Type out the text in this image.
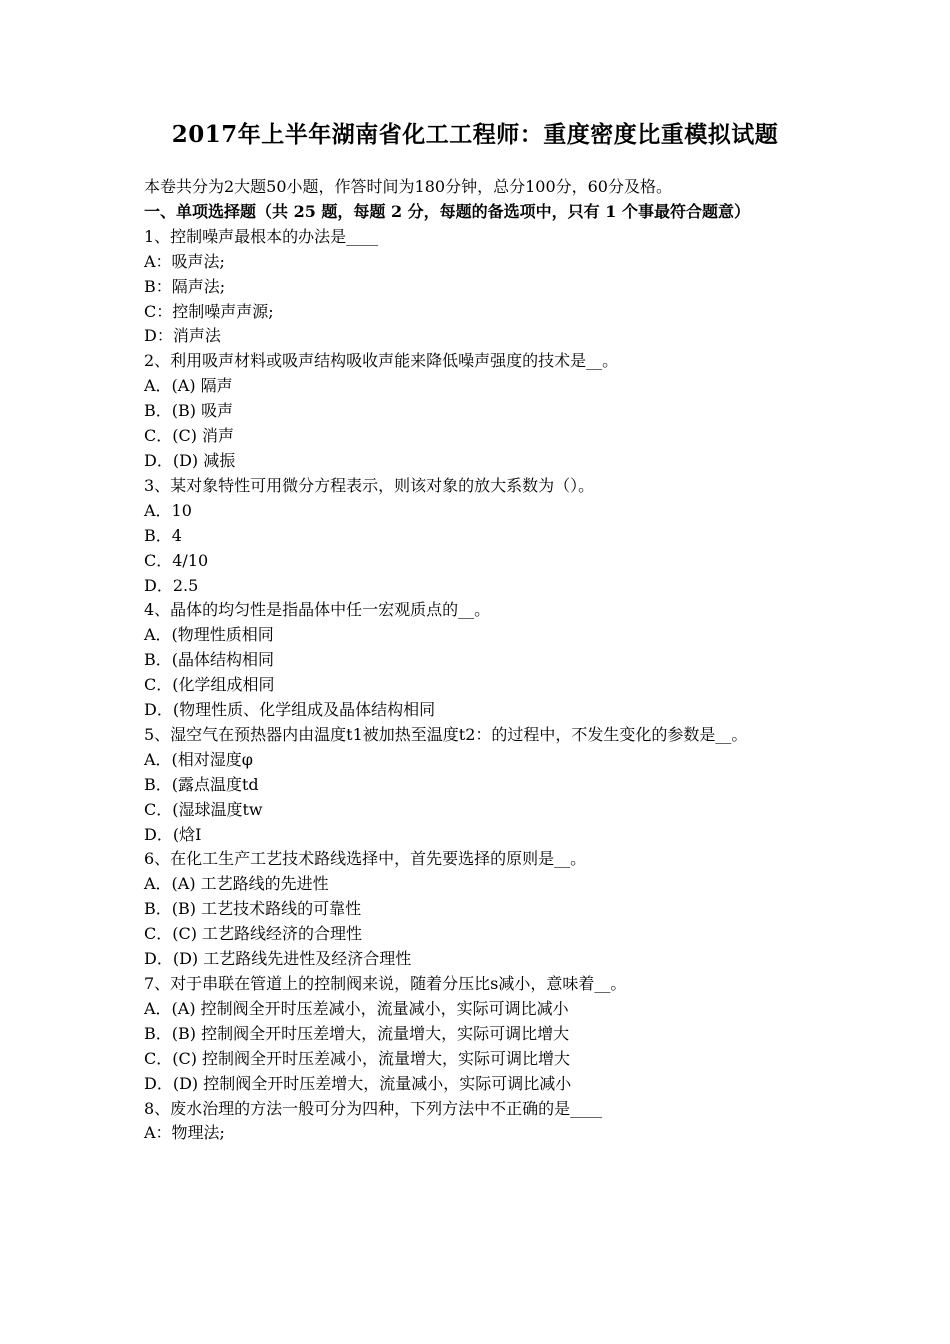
2017年上半年湖南省化工工程师：重度密度比重模拟试题
本卷共分为2大题50小题，作答时间为180分钟，总分100分，60分及格。
一、单项选择题（共 25 题，每题 2 分，每题的备选项中，只有 1 个事最符合题意）
1、控制噪声最根本的办法是____
A：吸声法;
B：隔声法;
C：控制噪声声源;
D：消声法
2、利用吸声材料或吸声结构吸收声能来降低噪声强度的技术是__。
A．(A) 隔声
B．(B) 吸声
C．(C) 消声
D．(D) 减振
3、某对象特性可用微分方程表示，则该对象的放大系数为（）。
A．10
B．4
C．4/10
D．2.5
4、晶体的均匀性是指晶体中任一宏观质点的__。
A．(物理性质相同
B．(晶体结构相同
C．(化学组成相同
D．(物理性质、化学组成及晶体结构相同
5、湿空气在预热器内由温度t1被加热至温度t2：的过程中，不发生变化的参数是__。
A．(相对湿度φ
B．(露点温度td
C．(湿球温度tw
D．(焓I
6、在化工生产工艺技术路线选择中，首先要选择的原则是__。
A．(A) 工艺路线的先进性
B．(B) 工艺技术路线的可靠性
C．(C) 工艺路线经济的合理性
D．(D) 工艺路线先进性及经济合理性
7、对于串联在管道上的控制阀来说，随着分压比s减小，意味着__。
A．(A) 控制阀全开时压差减小，流量减小，实际可调比减小
B．(B) 控制阀全开时压差增大，流量增大，实际可调比增大
C．(C) 控制阀全开时压差减小，流量增大，实际可调比增大
D．(D) 控制阀全开时压差增大，流量减小，实际可调比减小
8、废水治理的方法一般可分为四种，下列方法中不正确的是____
A：物理法;
